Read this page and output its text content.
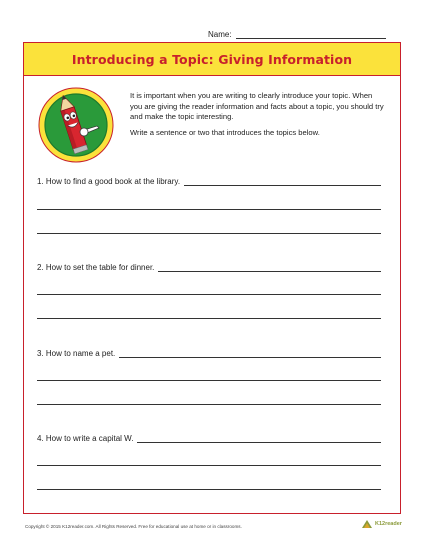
Name:
Introducing a Topic: Giving Information

It is important when you are writing to clearly introduce your topic. When you are giving the reader information and facts about a topic, you should try and make the topic interesting.

Write a sentence or two that introduces the topics below.

1. How to find a good book at the library.
2. How to set the table for dinner.
3. How to name a pet.
4. How to write a capital W.
Copyright © 2015 K12reader.com. All Rights Reserved. Free for educational use at home or in classrooms.	K12reader
